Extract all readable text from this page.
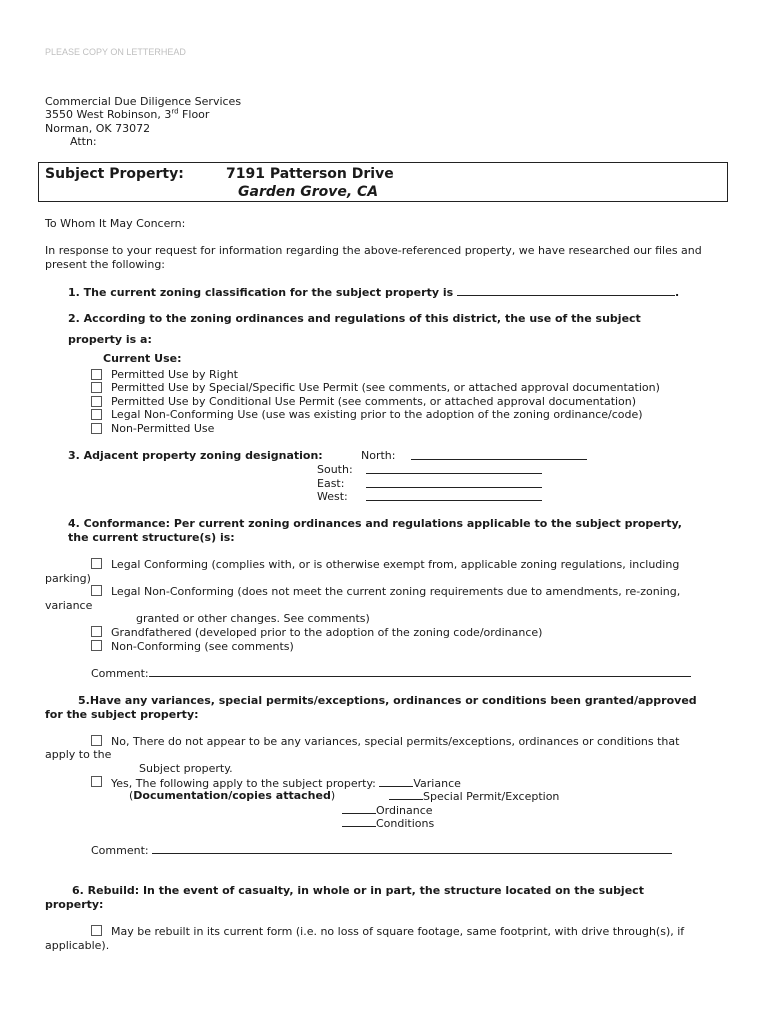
PLEASE COPY ON LETTERHEAD
Commercial Due Diligence Services
3550 West Robinson, 3rd Floor
Norman, OK 73072
Attn:
Subject Property:	7191 Patterson Drive
Garden Grove, CA
To Whom It May Concern:
In response to your request for information regarding the above-referenced property, we have researched our files and
present the following:
1. The current zoning classification for the subject property is	.
2. According to the zoning ordinances and regulations of this district, the use of the subject
property is a:
Current Use:
Permitted Use by Right
Permitted Use by Special/Specific Use Permit (see comments, or attached approval documentation)
Permitted Use by Conditional Use Permit (see comments, or attached approval documentation)
Legal Non-Conforming Use (use was existing prior to the adoption of the zoning ordinance/code)
Non-Permitted Use
3. Adjacent property zoning designation:	North:
South:
East:
West:
4. Conformance: Per current zoning ordinances and regulations applicable to the subject property,
the current structure(s) is:
Legal Conforming (complies with, or is otherwise exempt from, applicable zoning regulations, including
parking)
Legal Non-Conforming (does not meet the current zoning requirements due to amendments, re-zoning,
variance
granted or other changes. See comments)
Grandfathered (developed prior to the adoption of the zoning code/ordinance)
Non-Conforming (see comments)
Comment:
5.Have any variances, special permits/exceptions, ordinances or conditions been granted/approved
for the subject property:
No, There do not appear to be any variances, special permits/exceptions, ordinances or conditions that
apply to the
Subject property.
Yes, The following apply to the subject property:	Variance
(Documentation/copies attached)	Special Permit/Exception
Ordinance
Conditions
Comment:
6. Rebuild: In the event of casualty, in whole or in part, the structure located on the subject
property:
May be rebuilt in its current form (i.e. no loss of square footage, same footprint, with drive through(s), if
applicable).
